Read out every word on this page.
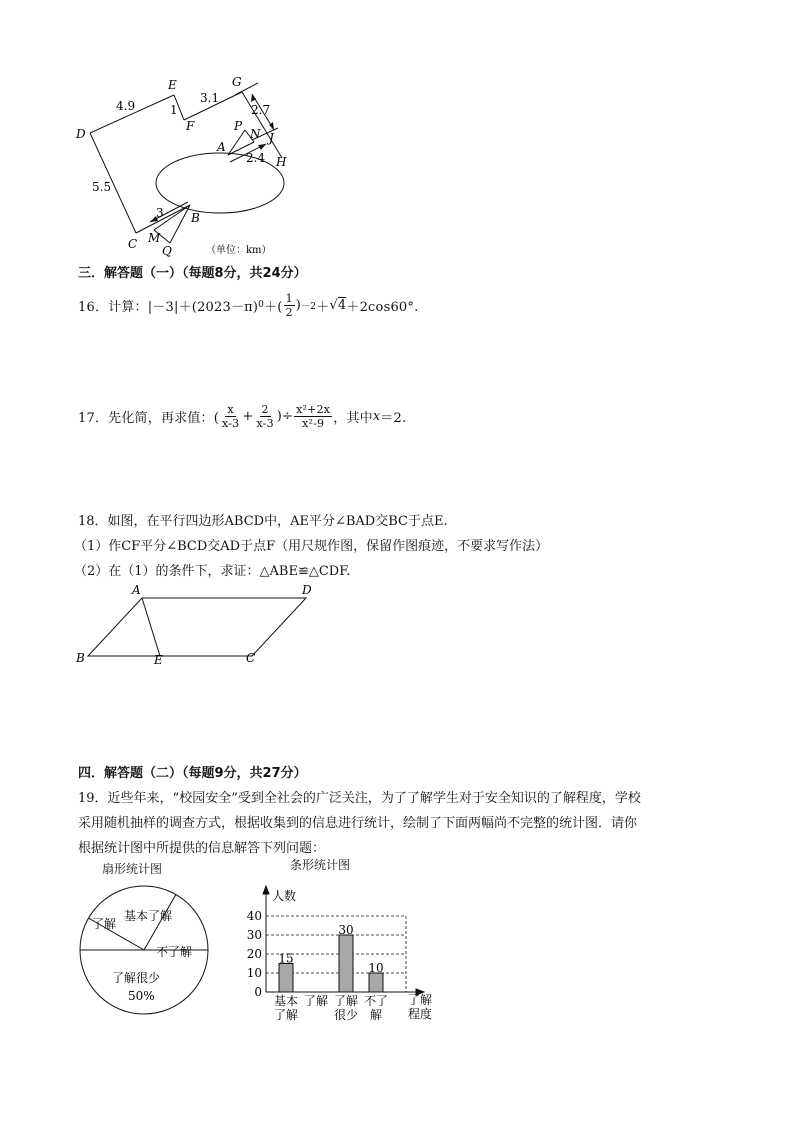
D
E
F
G
N J
P
A
H
B
C M
Q
4.9	1
3.1
2.7
2.4
5.5
3
（单位：km）
三．解答题（一）（每题8分，共24分）
16． 计算： |－3|＋(2023－π) 0 ＋( $\frac{1}{2}$ ) －2 ＋ √4 ＋2cos60°.
17． 先化简，再求值：( $\frac{x}{x-3} + \frac{2}{x-3}$ )÷ $\frac{\text{x²+2x}}{\text{x²-9}}$ ，其中 x ＝2.
18．如图，在平行四边形ABCD中，AE平分∠BAD交BC于点E.
（1）作CF平分∠BCD交AD于点F（用尺规作图，保留作图痕迹，不要求写作法）
（2）在（1）的条件下，求证：△ABE≌△CDF.
A	D
B	E	C
四．解答题（二）（每题9分，共27分）
19．近些年来，“校园安全”受到全社会的广泛关注，为了了解学生对于安全知识的了解程度，学校
采用随机抽样的调查方式，根据收集到的信息进行统计，绘制了下面两幅尚不完整的统计图．请你
根据统计图中所提供的信息解答下列问题：
扇形统计图
基本了解
了解
不了解
了解很少
50%
条形统计图
40
30
20
10
0
人数
15
基本
了解
了解
30
了解
很少
10
不了
解
了解
程度
